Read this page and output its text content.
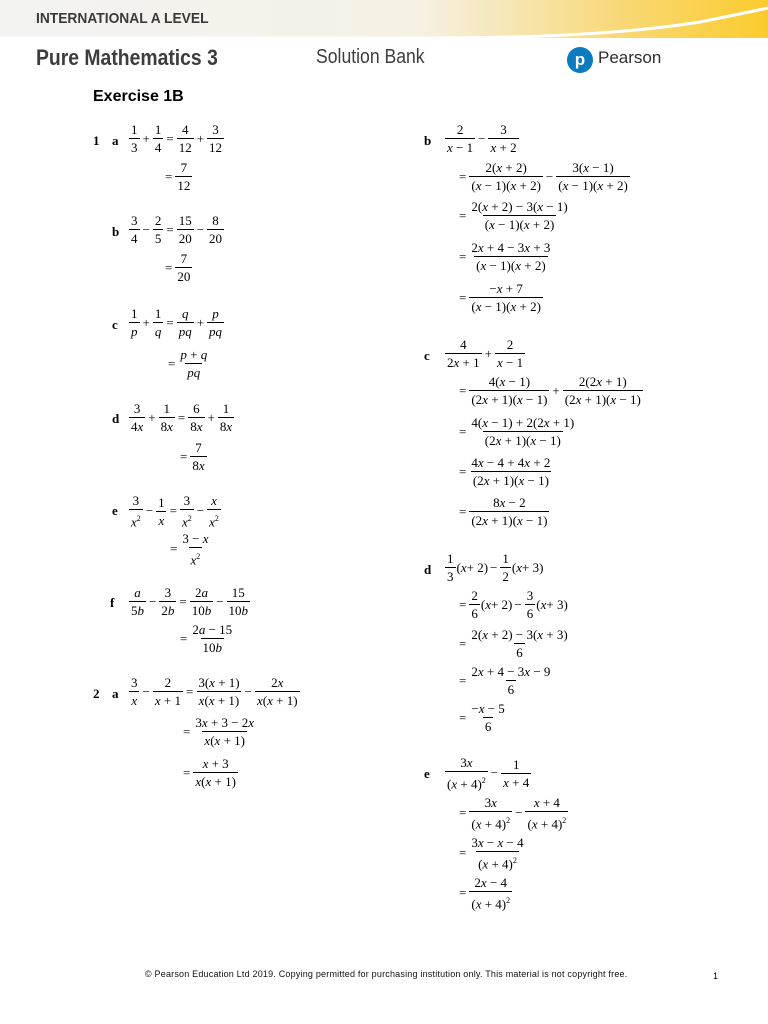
INTERNATIONAL A LEVEL
Pure Mathematics 3	Solution Bank	p Pearson
Exercise 1B
1 a
1
3
+ $\frac{1}{4} = \frac{4}{12} + \frac{3}{12}$
= $\frac{7}{12}$
b
3
4
− $\frac{2}{5} = \frac{15}{20} - \frac{8}{20}$
= $\frac{7}{20}$
c
1
p
+ $\frac{1}{q} = \frac{q}{pq} + \frac{p}{pq}$
= $\frac{p + q}{pq}$
d
3
4x
+ $\frac{1}{8x} = \frac{6}{8x} + \frac{1}{8x}$
= $\frac{7}{8x}$
e
3
$x^2$
− $\frac{1}{x} = \frac{3}{x^2} - \frac{x}{x^2}$
= $\frac{3 - x}{x^2}$
f
a
5b
− $\frac{3}{2b} = \frac{2a}{10b} - \frac{15}{10b}$
= $\frac{2a - 15}{10b}$
2 a
3
x
− $\frac{2}{x + 1} = \frac{3(x + 1)}{x(x + 1)} - \frac{2x}{x(x + 1)}$
= $\frac{3x + 3 - 2x}{x(x + 1)}$
= $\frac{x + 3}{x(x + 1)}$
b
2
x − 1
− $\frac{3}{x + 2}$
= $\frac{2(x + 2)}{(x - 1)(x + 2)} - \frac{3(x - 1)}{(x - 1)(x + 2)}$
= $\frac{2(x + 2) - 3(x - 1)}{(x - 1)(x + 2)}$
= $\frac{2x + 4 - 3x + 3}{(x - 1)(x + 2)}$
= $\frac{-x + 7}{(x - 1)(x + 2)}$
c
4
2x + 1
+ $\frac{2}{x - 1}$
= $\frac{4(x - 1)}{(2x + 1)(x - 1)} + \frac{2(2x + 1)}{(2x + 1)(x - 1)}$
= $\frac{4(x - 1) + 2(2x + 1)}{(2x + 1)(x - 1)}$
= $\frac{4x - 4 + 4x + 2}{(2x + 1)(x - 1)}$
= $\frac{8x - 2}{(2x + 1)(x - 1)}$
d
1
3
( $x + 2) - \frac{1}{2}$ ( x + 3)
= $\frac{2}{6}$ ( $x + 2) - \frac{3}{6}$ ( x + 3)
= $\frac{2(x + 2) - 3(x + 3)}{6}$
= $\frac{2x + 4 - 3x - 9}{6}$
= $\frac{-x - 5}{6}$
e
3x
$(x + 4)^2$
− $\frac{1}{x + 4}$
= $\frac{3x}{(x + 4)^2} - \frac{x + 4}{(x + 4)^2}$
= $\frac{3x - x - 4}{(x + 4)^2}$
= $\frac{2x - 4}{(x + 4)^2}$
© Pearson Education Ltd 2019. Copying permitted for purchasing institution only. This material is not copyright free.	1
